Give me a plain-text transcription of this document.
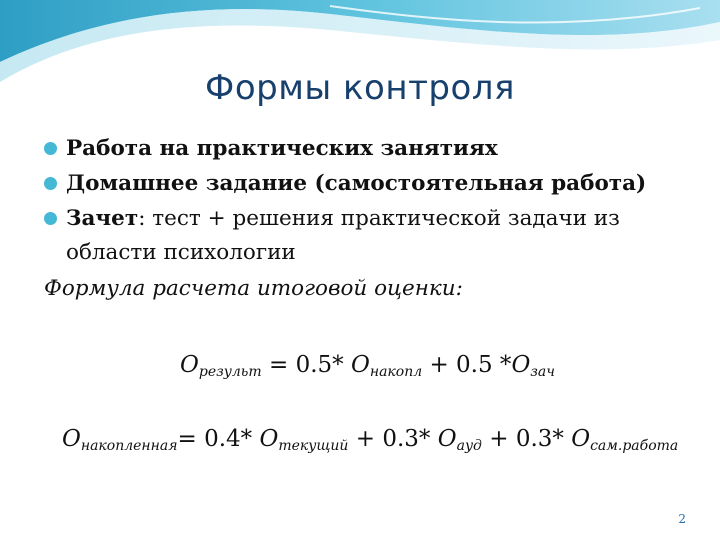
Формы контроля
Работа на практических занятиях
Домашнее задание (самостоятельная работа)
Зачет: тест + решения практической задачи из
области психологии
Формула расчета итоговой оценки:
$О_{результ} = 0.5*$ $О_{накопл} + 0.5$ $*О_{зач}$
$О_{накопленная}= 0.4*$ $О_{текущий} + 0.3*$ $О_{ауд} + 0.3*$ $О_{сам.работа}$
2
